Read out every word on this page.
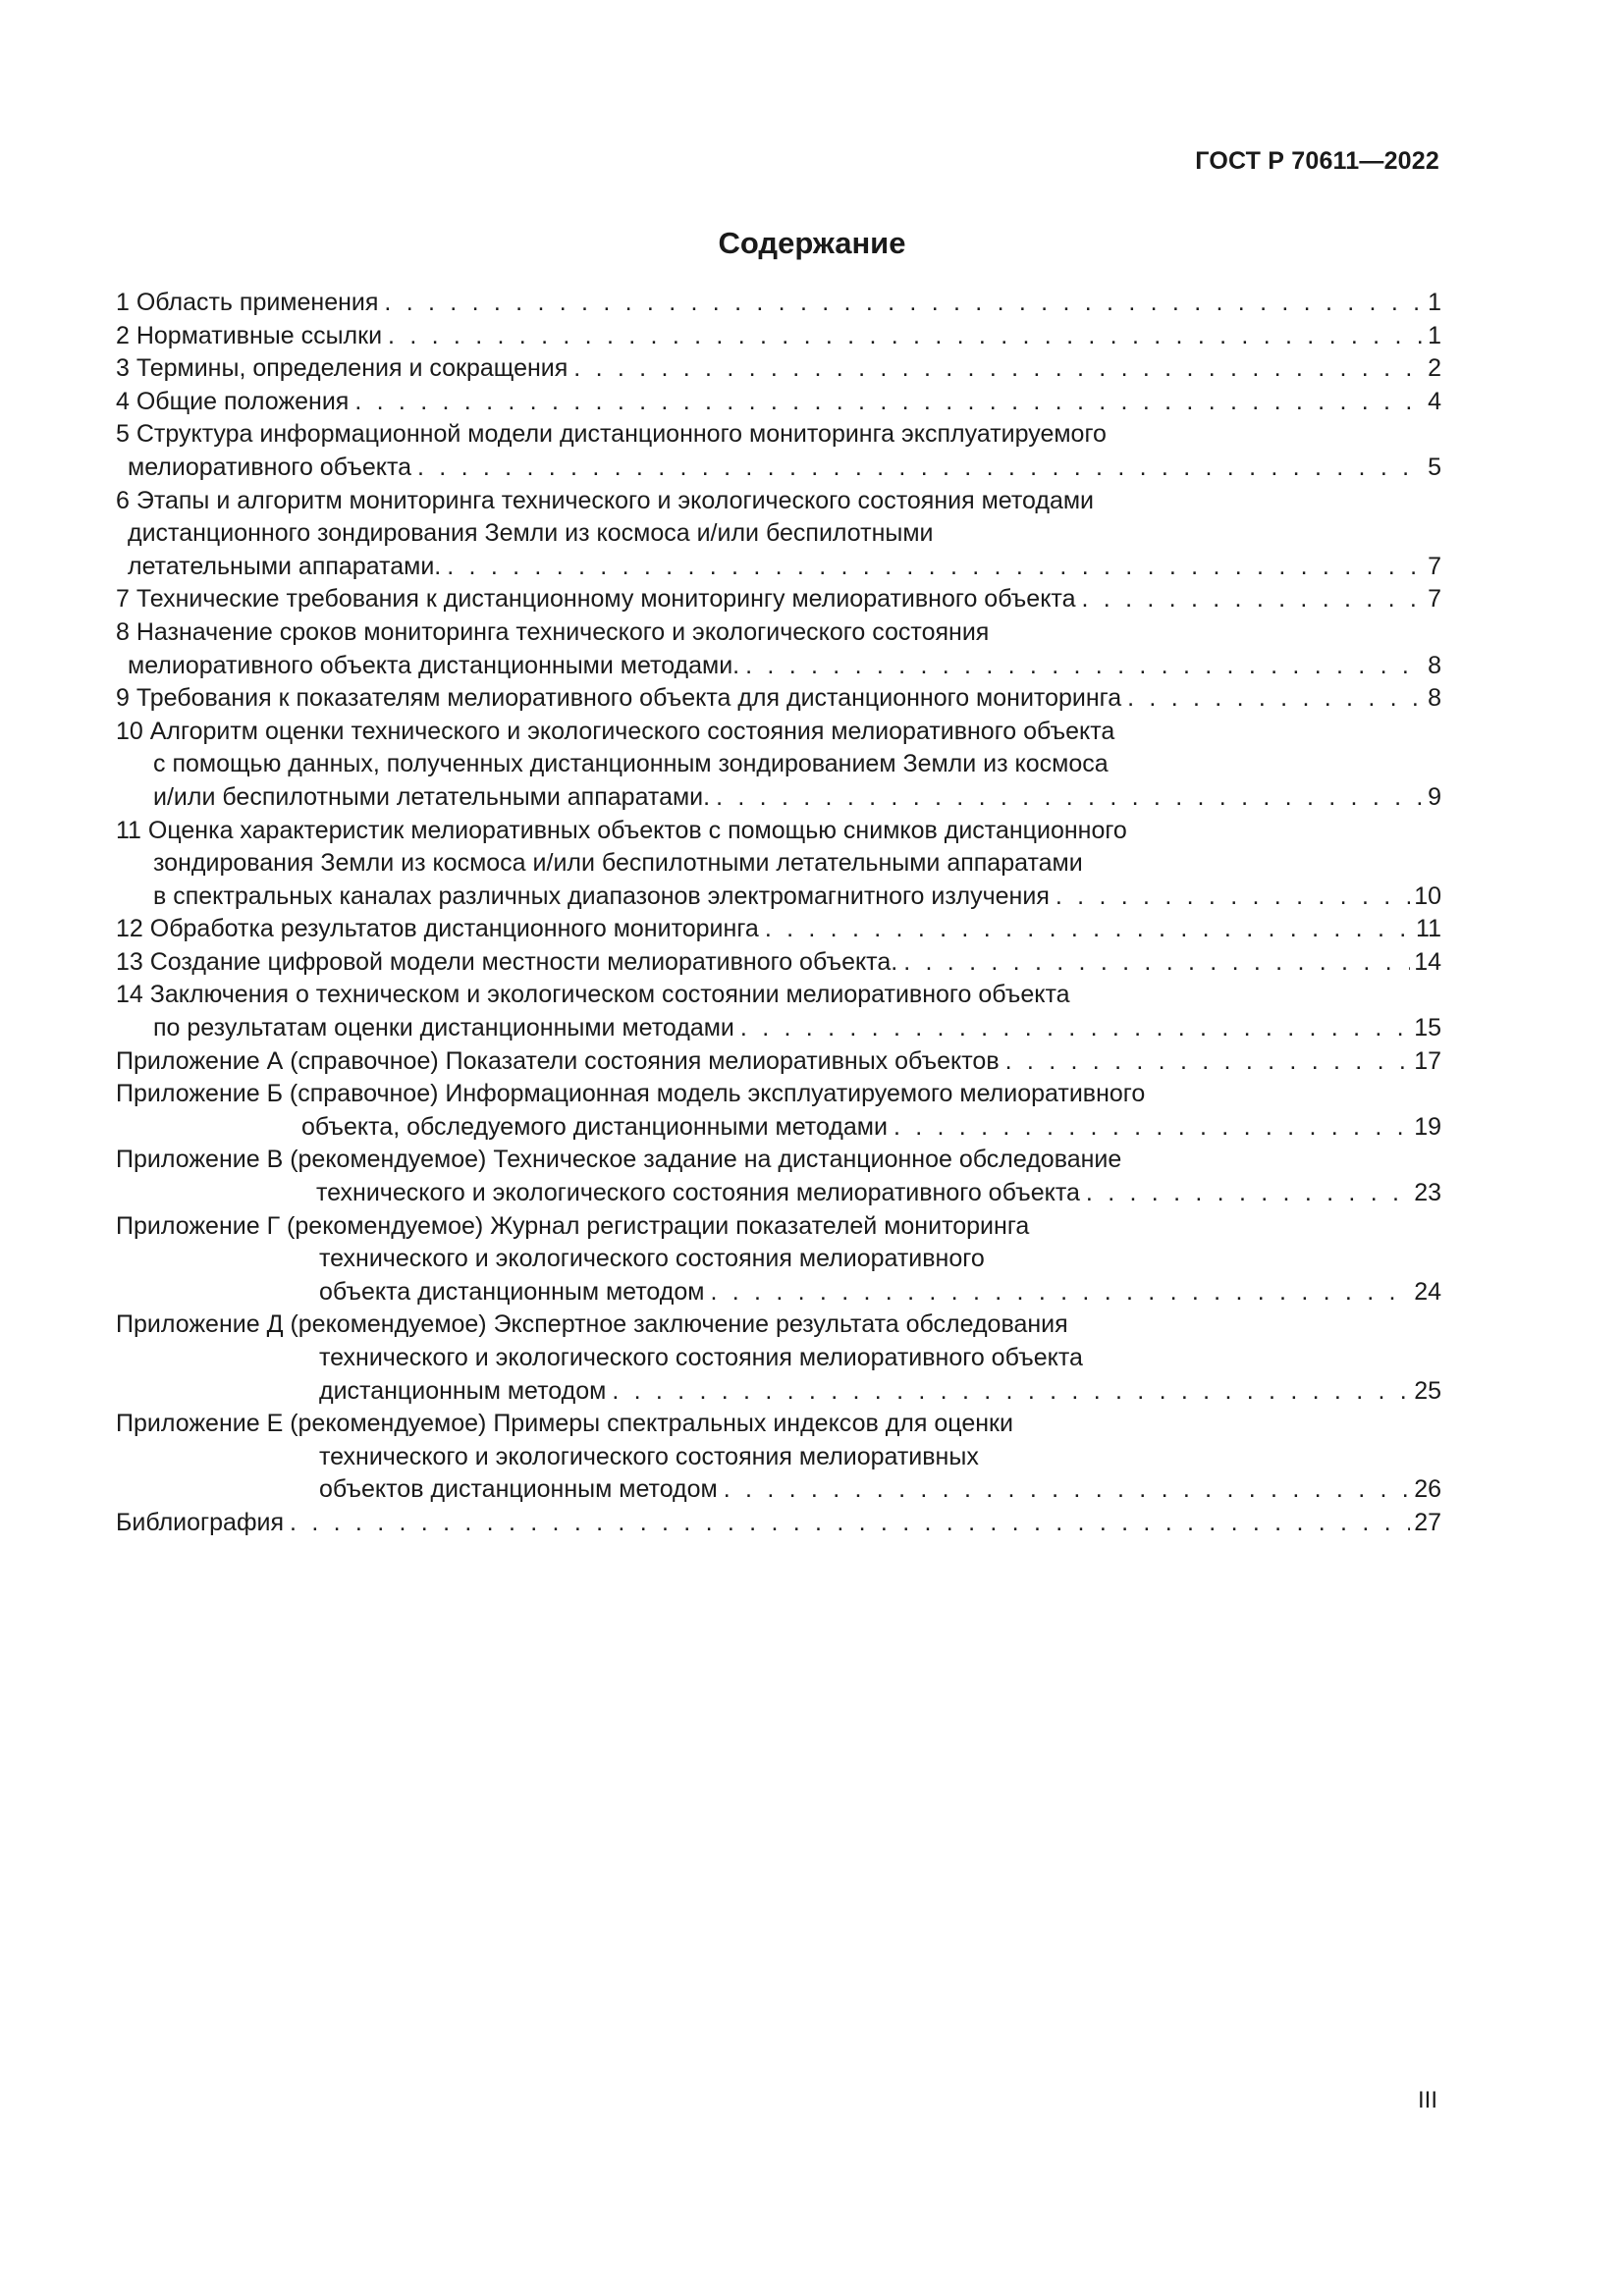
ГОСТ Р 70611—2022
Содержание
1 Область применения . . .	1
2 Нормативные ссылки . . .	1
3 Термины, определения и сокращения . . .	2
4 Общие положения . . .	4
5 Структура информационной модели дистанционного мониторинга эксплуатируемого
мелиоративного объекта . . .	5
6 Этапы и алгоритм мониторинга технического и экологического состояния методами
дистанционного зондирования Земли из космоса и/или беспилотными
летательными аппаратами. . . .	7
7 Технические требования к дистанционному мониторингу мелиоративного объекта . . .	7
8 Назначение сроков мониторинга технического и экологического состояния
мелиоративного объекта дистанционными методами. . . .	8
9 Требования к показателям мелиоративного объекта для дистанционного мониторинга . . .	8
10 Алгоритм оценки технического и экологического состояния мелиоративного объекта
с помощью данных, полученных дистанционным зондированием Земли из космоса
и/или беспилотными летательными аппаратами. . . .	9
11 Оценка характеристик мелиоративных объектов с помощью снимков дистанционного
зондирования Земли из космоса и/или беспилотными летательными аппаратами
в спектральных каналах различных диапазонов электромагнитного излучения . . .	10
12 Обработка результатов дистанционного мониторинга . . .	11
13 Создание цифровой модели местности мелиоративного объекта. . . .	14
14 Заключения о техническом и экологическом состоянии мелиоративного объекта
по результатам оценки дистанционными методами . . .	15
Приложение А (справочное) Показатели состояния мелиоративных объектов . . .	17
Приложение Б (справочное) Информационная модель эксплуатируемого мелиоративного
объекта, обследуемого дистанционными методами . . .	19
Приложение В (рекомендуемое) Техническое задание на дистанционное обследование
технического и экологического состояния мелиоративного объекта . . .	23
Приложение Г (рекомендуемое) Журнал регистрации показателей мониторинга
технического и экологического состояния мелиоративного
объекта дистанционным методом . . .	24
Приложение Д (рекомендуемое) Экспертное заключение результата обследования
технического и экологического состояния мелиоративного объекта
дистанционным методом . . .	25
Приложение Е (рекомендуемое) Примеры спектральных индексов для оценки
технического и экологического состояния мелиоративных
объектов дистанционным методом . . .	26
Библиография . . .	27
III
